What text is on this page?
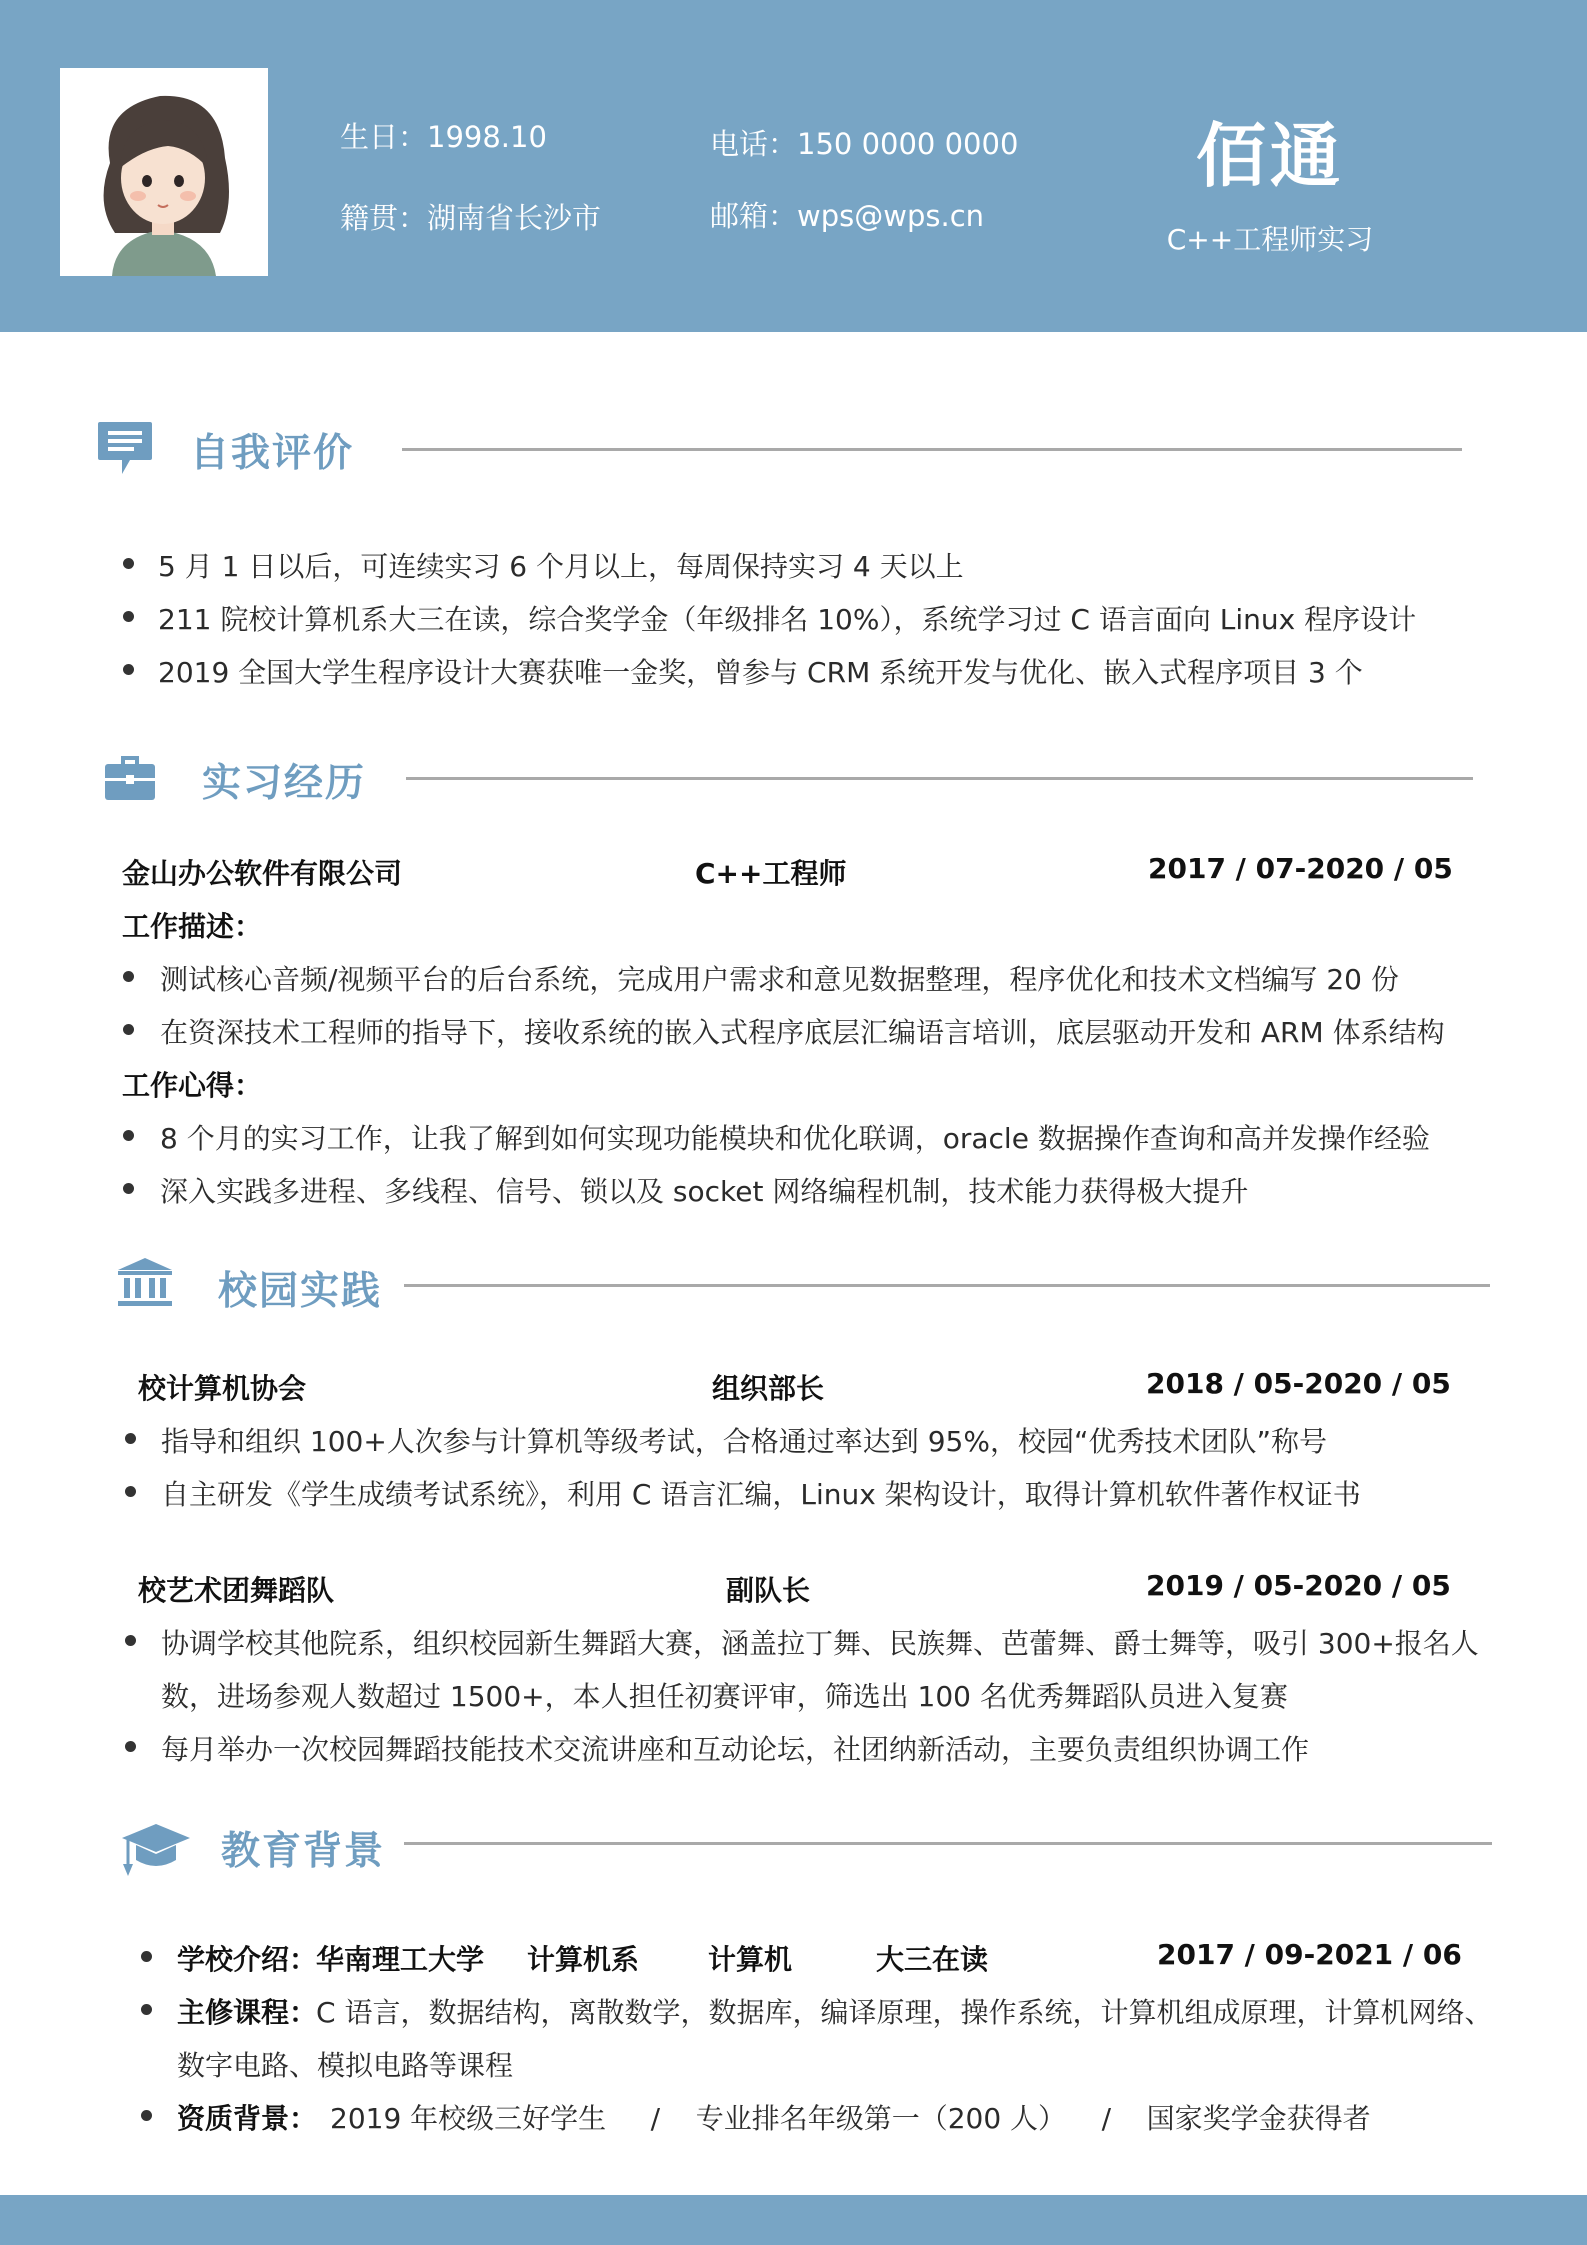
生日：1998.10
籍贯：湖南省长沙市
电话：150 0000 0000
邮箱：wps@wps.cn
佰通
C++工程师实习
自我评价
5 月 1 日以后，可连续实习 6 个月以上，每周保持实习 4 天以上
211 院校计算机系大三在读，综合奖学金（年级排名 10%），系统学习过 C 语言面向 Linux 程序设计
2019 全国大学生程序设计大赛获唯一金奖，曾参与 CRM 系统开发与优化、嵌入式程序项目 3 个
实习经历
金山办公软件有限公司	C++工程师	2017 / 07-2020 / 05
工作描述：
测试核心音频/视频平台的后台系统，完成用户需求和意见数据整理，程序优化和技术文档编写 20 份
在资深技术工程师的指导下，接收系统的嵌入式程序底层汇编语言培训，底层驱动开发和 ARM 体系结构
工作心得：
8 个月的实习工作，让我了解到如何实现功能模块和优化联调，oracle 数据操作查询和高并发操作经验
深入实践多进程、多线程、信号、锁以及 socket 网络编程机制，技术能力获得极大提升
校园实践
校计算机协会	组织部长	2018 / 05-2020 / 05
指导和组织 100+人次参与计算机等级考试，合格通过率达到 95%，校园“优秀技术团队”称号
自主研发《学生成绩考试系统》，利用 C 语言汇编，Linux 架构设计，取得计算机软件著作权证书
校艺术团舞蹈队	副队长	2019 / 05-2020 / 05
协调学校其他院系，组织校园新生舞蹈大赛，涵盖拉丁舞、民族舞、芭蕾舞、爵士舞等，吸引 300+报名人
数，进场参观人数超过 1500+，本人担任初赛评审，筛选出 100 名优秀舞蹈队员进入复赛
每月举办一次校园舞蹈技能技术交流讲座和互动论坛，社团纳新活动，主要负责组织协调工作
教育背景
学校介绍：
华南理工大学 计算机系 计算机	大三在读	2017 / 09-2021 / 06
主修课程：
C 语言，数据结构，离散数学，数据库，编译原理，操作系统，计算机组成原理，计算机网络、
数字电路、模拟电路等课程
资质背景： 2019 年校级三好学生     /    专业排名年级第一（200 人）    /    国家奖学金获得者
